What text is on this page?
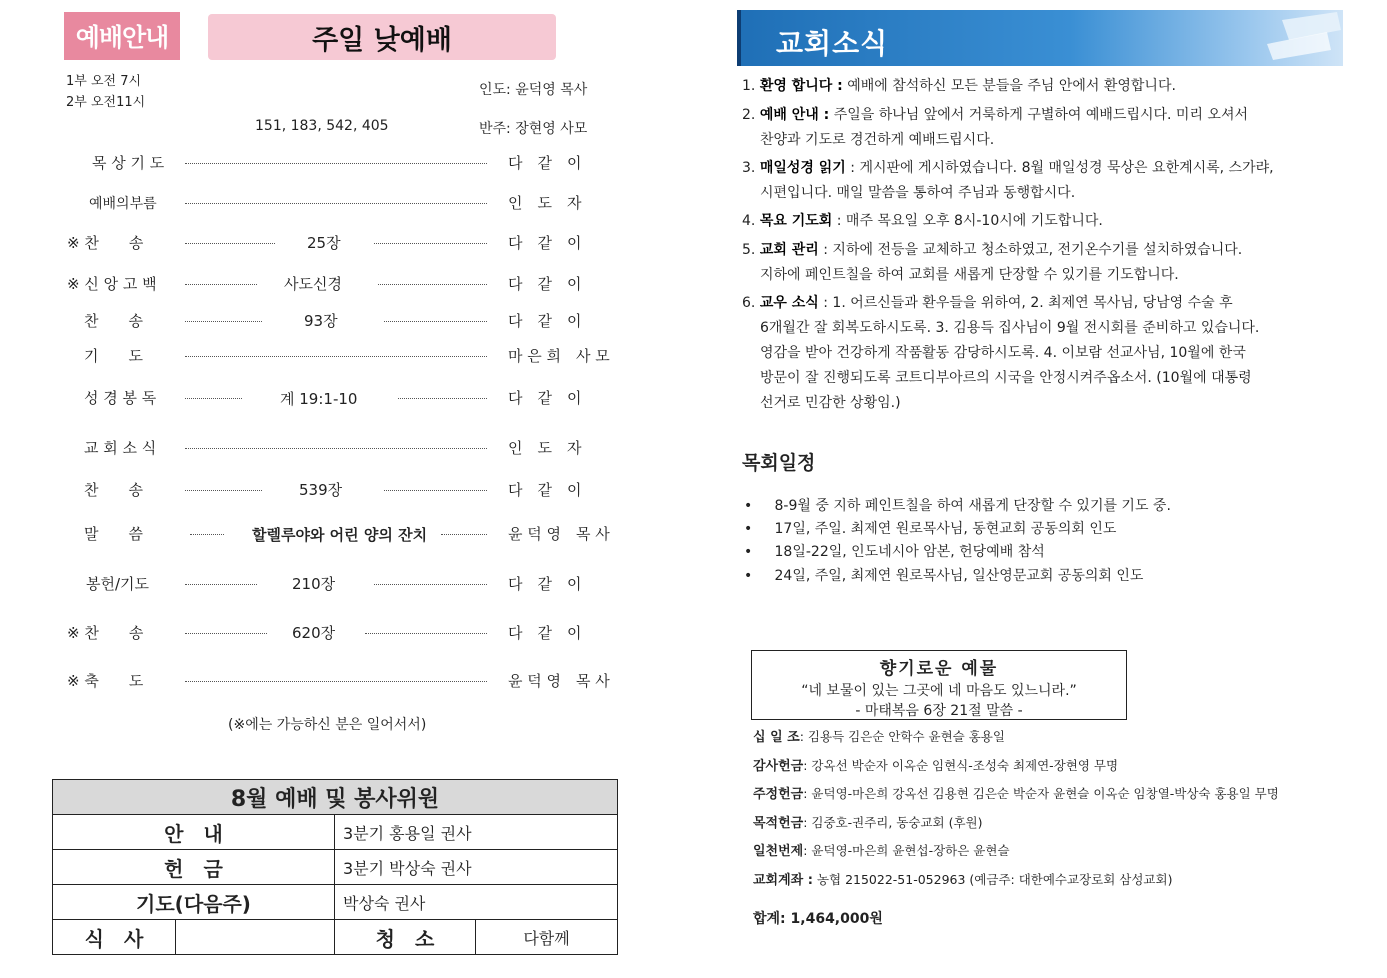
예배안내	주일 낮예배
1부 오전 7시
2부 오전11시
인도: 윤덕영 목사
151, 183, 542, 405	반주: 장현영 사모
목 상 기 도	다　같　이
예배의부름	인　도　자
※ 찬　　송	25장	다　같　이
※ 신 앙 고 백	사도신경	다　같　이
찬　　송	93장	다　같　이
기　　도	마 은 희　사 모
성 경 봉 독	계 19:1-10	다　같　이
교 회 소 식	인　도　자
찬　　송	539장	다　같　이
말　　씀	할렐루야와 어린 양의 잔치	윤 덕 영　목 사
봉헌/기도	210장	다　같　이
※ 찬　　송	620장	다　같　이
※ 축　　도	윤 덕 영　목 사
(※에는 가능하신 분은 일어서서)
8월 예배 및 봉사위원			
안　내		3분기 홍용일 권사	
헌　금		3분기 박상숙 권사	
기도(다음주)		박상숙 권사	
식　사		청　소	다함께
교회소식
1. 환영 합니다 : 예배에 참석하신 모든 분들을 주님 안에서 환영합니다.
2. 예배 안내 : 주일을 하나님 앞에서 거룩하게 구별하여 예배드립시다. 미리 오셔서
찬양과 기도로 경건하게 예배드립시다.
3. 매일성경 읽기 : 게시판에 게시하였습니다. 8월 매일성경 묵상은 요한계시록, 스가랴,
시편입니다. 매일 말씀을 통하여 주님과 동행합시다.
4. 목요 기도회 : 매주 목요일 오후 8시-10시에 기도합니다.
5. 교회 관리 : 지하에 전등을 교체하고 청소하였고, 전기온수기를 설치하였습니다.
지하에 페인트칠을 하여 교회를 새롭게 단장할 수 있기를 기도합니다.
6. 교우 소식 : 1. 어르신들과 환우들을 위하여, 2. 최제연 목사님, 당남영 수술 후
6개월간 잘 회복도하시도록. 3. 김용득 집사님이 9월 전시회를 준비하고 있습니다.
영감을 받아 건강하게 작품활동 감당하시도록. 4. 이보람 선교사님, 10월에 한국
방문이 잘 진행되도록 코트디부아르의 시국을 안정시켜주옵소서. (10월에 대통령
선거로 민감한 상황임.)
목회일정
•     8-9월 중 지하 페인트칠을 하여 새롭게 단장할 수 있기를 기도 중.
•     17일, 주일. 최제연 원로목사님, 동현교회 공동의회 인도
•     18일-22일, 인도네시아 암본, 헌당예배 참석
•     24일, 주일, 최제연 원로목사님, 일산영문교회 공동의회 인도
향기로운 예물
“네 보물이 있는 그곳에 네 마음도 있느니라.”
- 마태복음 6장 21절 말씀 -
십 일 조: 김용득 김은순 안학수 윤현슬 홍용일
감사헌금: 강옥선 박순자 이옥순 임현식-조성숙 최제연-장현영 무명
주정헌금: 윤덕영-마은희 강옥선 김용현 김은순 박순자 윤현슬 이옥순 임창열-박상숙 홍용일 무명
목적헌금: 김중호-권주리, 동숭교회 (후원)
일천번제: 윤덕영-마은희 윤현섭-장하은 윤현슬
교회계좌 : 농협 215022-51-052963 (예금주: 대한예수교장로회 삼성교회)
합계: 1,464,000원
